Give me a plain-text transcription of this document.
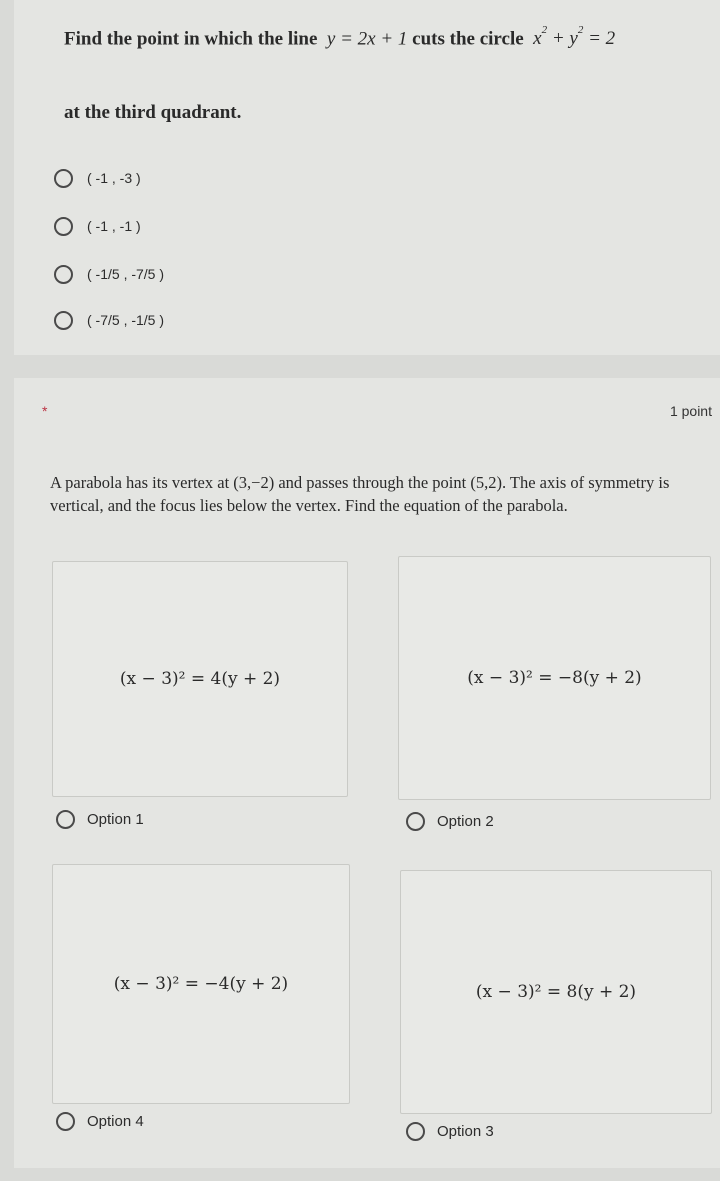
Find the point in which the line y = 2x + 1 cuts the circle $x^2 + y^2 = 2$
at the third quadrant.
( -1 , -3 )
( -1 , -1 )
( -1/5 , -7/5 )
( -7/5 , -1/5 )
*	1 point
A parabola has its vertex at (3,−2) and passes through the point (5,2). The axis of symmetry is vertical, and the focus lies below the vertex. Find the equation of the parabola.
(x − 3)² = 4(y + 2)	(x − 3)² = −8(y + 2)
Option 1	Option 2
(x − 3)² = −4(y + 2)	(x − 3)² = 8(y + 2)
Option 4
Option 3
